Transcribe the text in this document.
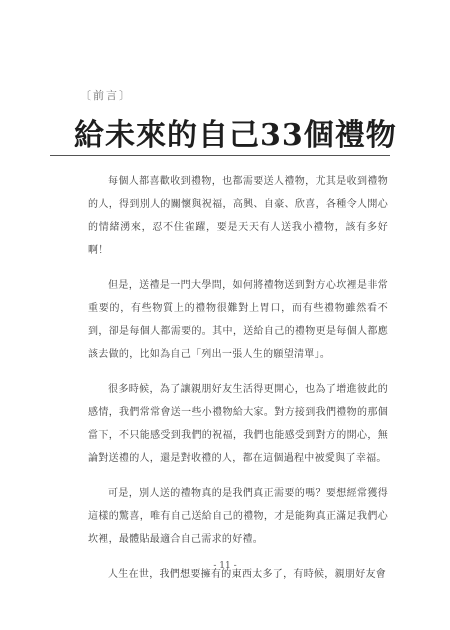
〔前言〕
給未來的自己33個禮物

每個人都喜歡收到禮物，也都需要送人禮物，尤其是收到禮物的人，得到別人的關懷與祝福，高興、自豪、欣喜，各種令人開心的情緒湧來，忍不住雀躍，要是天天有人送我小禮物，該有多好啊！

但是，送禮是一門大學問，如何將禮物送到對方心坎裡是非常重要的，有些物質上的禮物很難對上胃口，而有些禮物雖然看不到，卻是每個人都需要的。其中，送給自己的禮物更是每個人都應該去做的，比如為自己「列出一張人生的願望清單」。

很多時候，為了讓親朋好友生活得更開心，也為了增進彼此的感情，我們常常會送一些小禮物給大家。對方接到我們禮物的那個當下，不只能感受到我們的祝福，我們也能感受到對方的開心，無論對送禮的人，還是對收禮的人，都在這個過程中被愛與了幸福。

可是，別人送的禮物真的是我們真正需要的嗎？要想經常獲得這樣的驚喜，唯有自己送給自己的禮物，才是能夠真正滿足我們心坎裡，最體貼最適合自己需求的好禮。

人生在世，我們想要擁有的東西太多了，有時候，親朋好友會

- 11 -
